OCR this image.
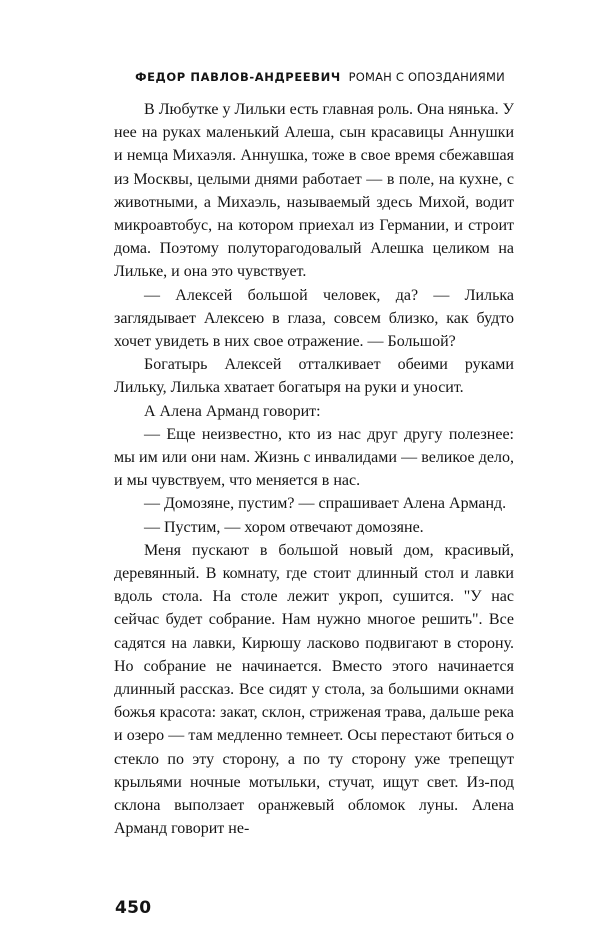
ФЕДОР ПАВЛОВ-АНДРЕЕВИЧ РОМАН С ОПОЗДАНИЯМИ

В Любутке у Лильки есть главная роль. Она нянька. У нее на руках маленький Алеша, сын красавицы Аннушки и немца Михаэля. Аннушка, тоже в свое время сбежавшая из Москвы, целыми днями работает — в поле, на кухне, с животными, а Михаэль, называемый здесь Михой, водит микроавтобус, на котором приехал из Германии, и строит дома. Поэтому полуторагодовалый Алешка целиком на Лильке, и она это чувствует.

— Алексей большой человек, да? — Лилька заглядывает Алексею в глаза, совсем близко, как будто хочет увидеть в них свое отражение. — Большой?

Богатырь Алексей отталкивает обеими руками Лильку, Лилька хватает богатыря на руки и уносит.

А Алена Арманд говорит:

— Еще неизвестно, кто из нас друг другу полезнее: мы им или они нам. Жизнь с инвалидами — великое дело, и мы чувствуем, что меняется в нас.

— Домозяне, пустим? — спрашивает Алена Арманд.

— Пустим, — хором отвечают домозяне.

Меня пускают в большой новый дом, красивый, деревянный. В комнату, где стоит длинный стол и лавки вдоль стола. На столе лежит укроп, сушится. "У нас сейчас будет собрание. Нам нужно многое решить". Все садятся на лавки, Кирюшу ласково подвигают в сторону. Но собрание не начинается. Вместо этого начинается длинный рассказ. Все сидят у стола, за большими окнами божья красота: закат, склон, стриженая трава, дальше река и озеро — там медленно темнеет. Осы перестают биться о стекло по эту сторону, а по ту сторону уже трепещут крыльями ночные мотыльки, стучат, ищут свет. Из-под склона выползает оранжевый обломок луны. Алена Арманд говорит не-

450
